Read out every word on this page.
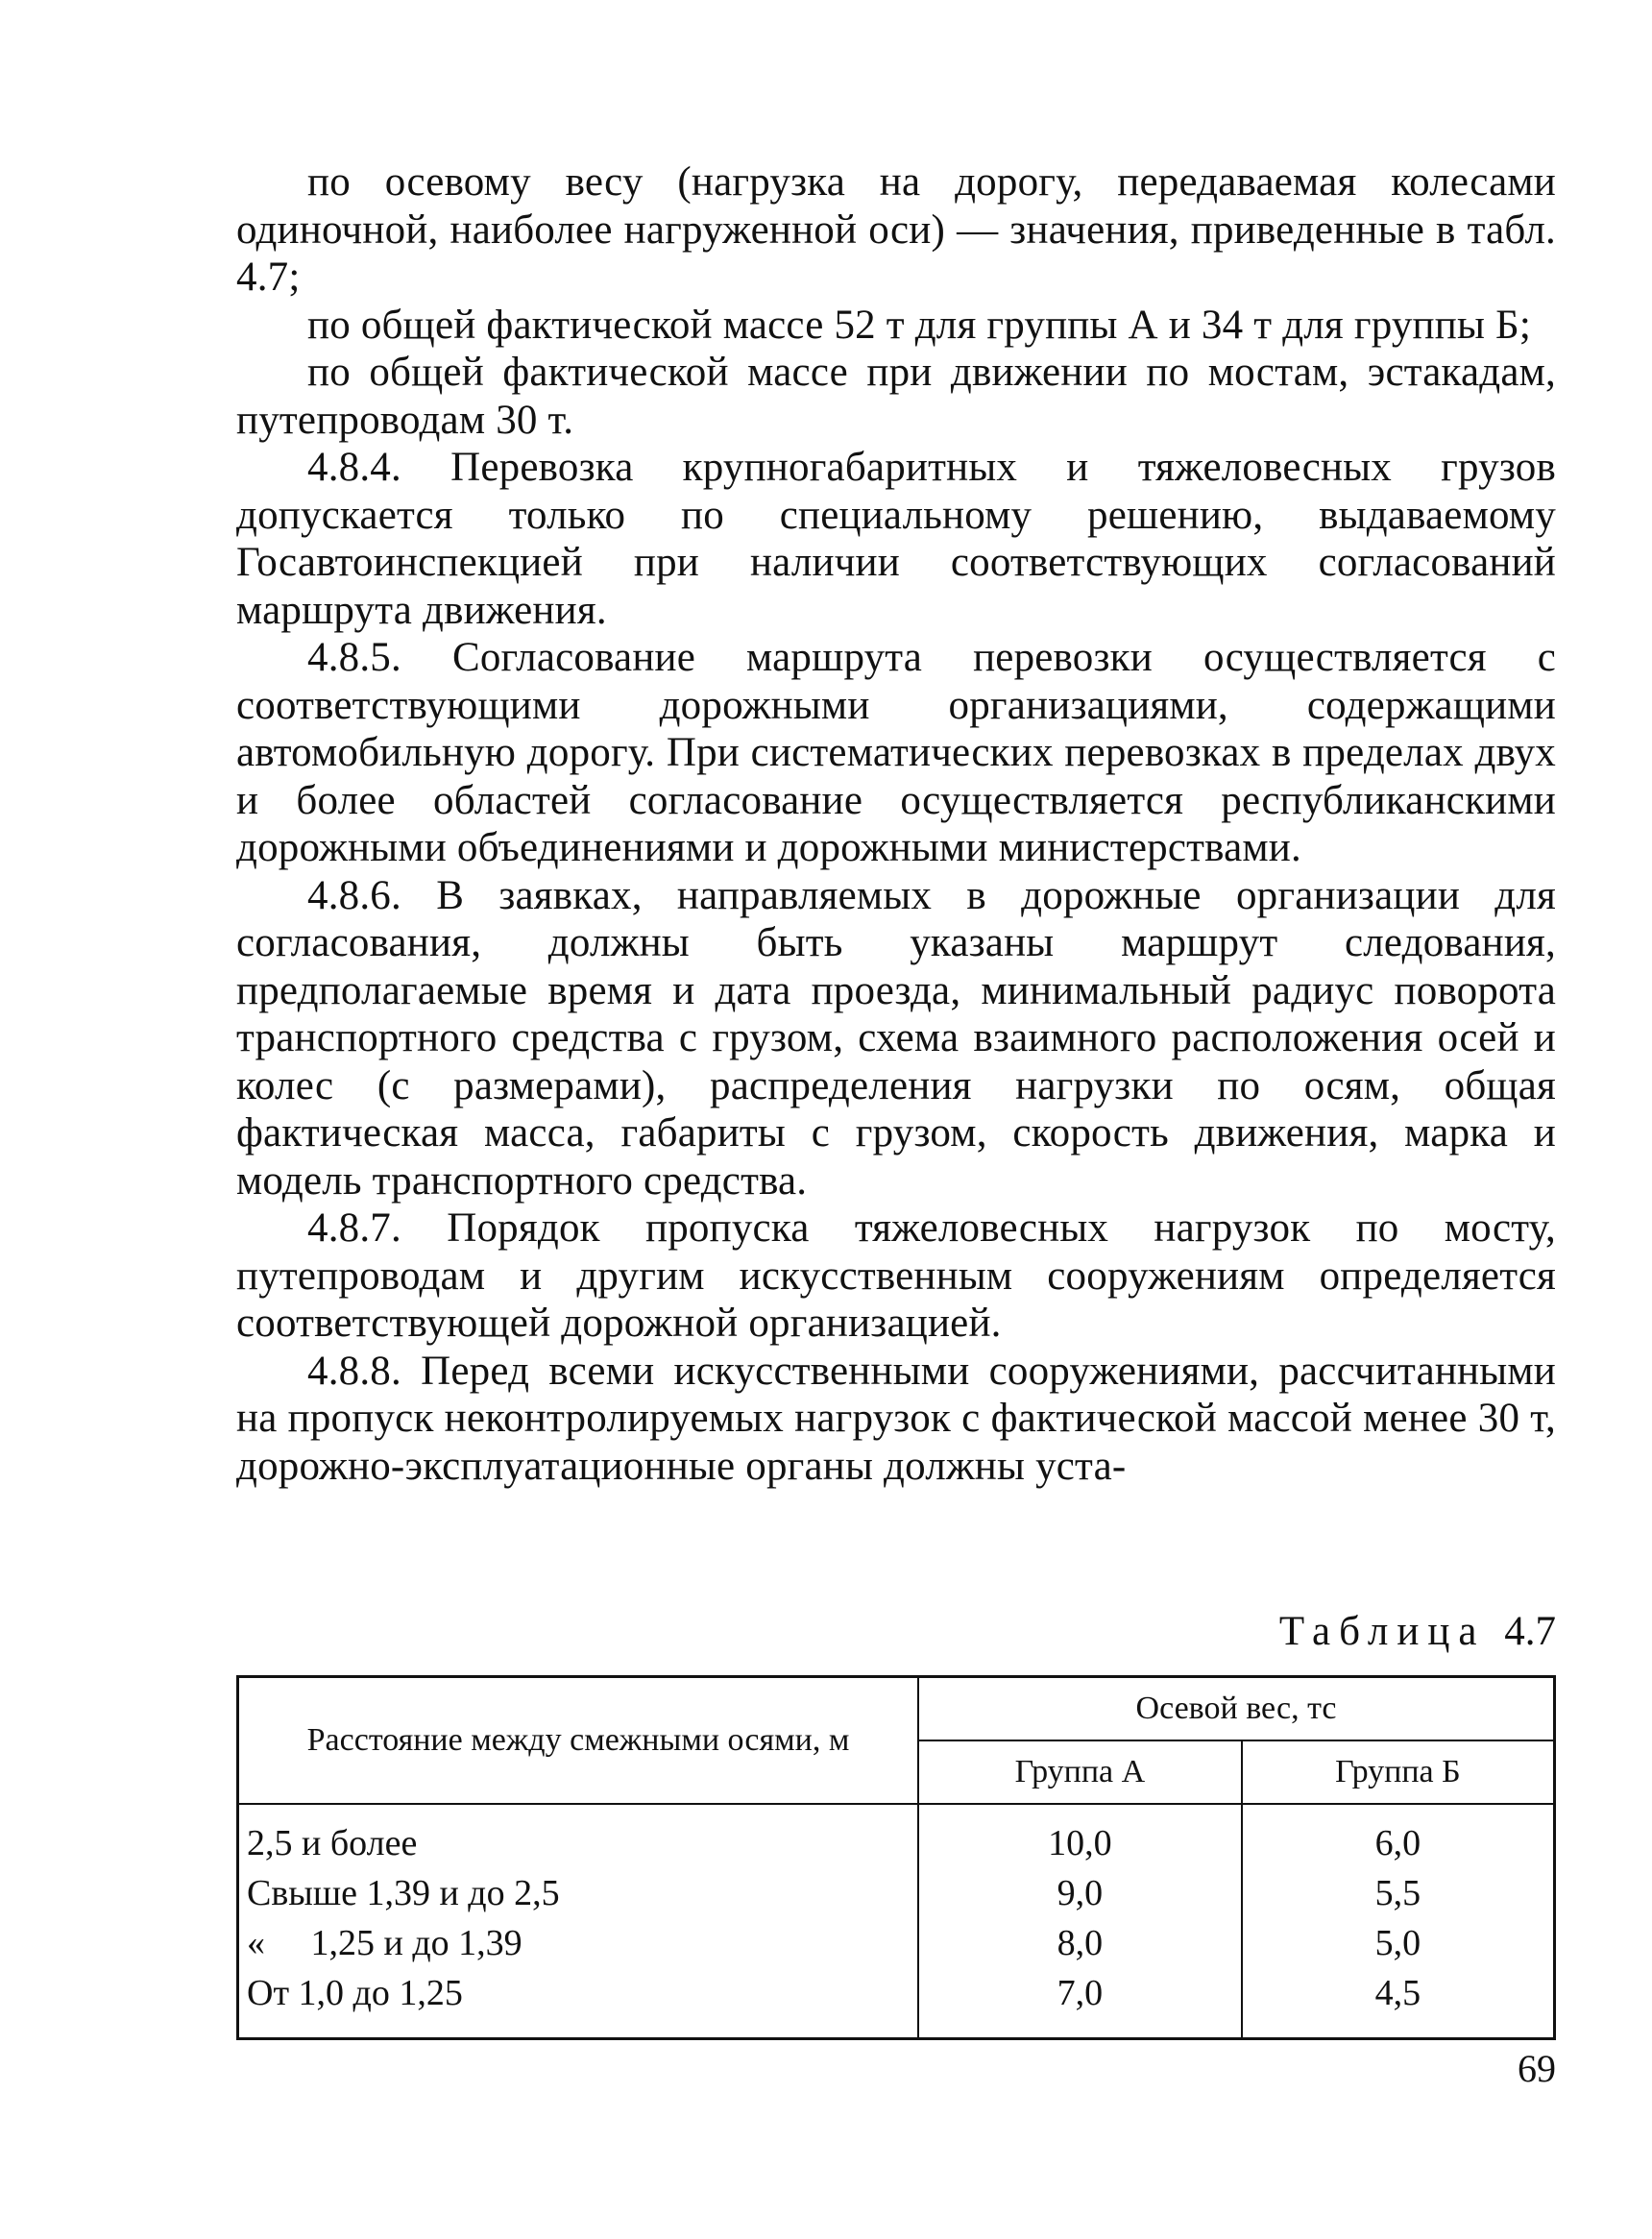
по осевому весу (нагрузка на дорогу, передаваемая колесами одиночной, наиболее нагруженной оси) — значения, приведенные в табл. 4.7;

по общей фактической массе 52 т для группы А и 34 т для группы Б;

по общей фактической массе при движении по мостам, эстакадам, путепроводам 30 т.

4.8.4. Перевозка крупногабаритных и тяжеловесных грузов допускается только по специальному решению, выдаваемому Госавтоинспекцией при наличии соответствующих согласований маршрута движения.

4.8.5. Согласование маршрута перевозки осуществляется с соответствующими дорожными организациями, содержащими автомобильную дорогу. При систематических перевозках в пределах двух и более областей согласование осуществляется республиканскими дорожными объединениями и дорожными министерствами.

4.8.6. В заявках, направляемых в дорожные организации для согласования, должны быть указаны маршрут следования, предполагаемые время и дата проезда, минимальный радиус поворота транспортного средства с грузом, схема взаимного расположения осей и колес (с размерами), распределения нагрузки по осям, общая фактическая масса, габариты с грузом, скорость движения, марка и модель транспортного средства.

4.8.7. Порядок пропуска тяжеловесных нагрузок по мосту, путепроводам и другим искусственным сооружениям определяется соответствующей дорожной организацией.

4.8.8. Перед всеми искусственными сооружениями, рассчитанными на пропуск неконтролируемых нагрузок с фактической массой менее 30 т, дорожно-эксплуатационные органы должны уста-

Таблица 4.7
Расстояние между смежными осями, м	Осевой вес, тс	
	Группа А	Группа Б
2,5 и более	10,0	6,0
Свыше 1,39 и до 2,5	9,0	5,5
«     1,25 и до 1,39	8,0	5,0
От 1,0 до 1,25	7,0	4,5
69
